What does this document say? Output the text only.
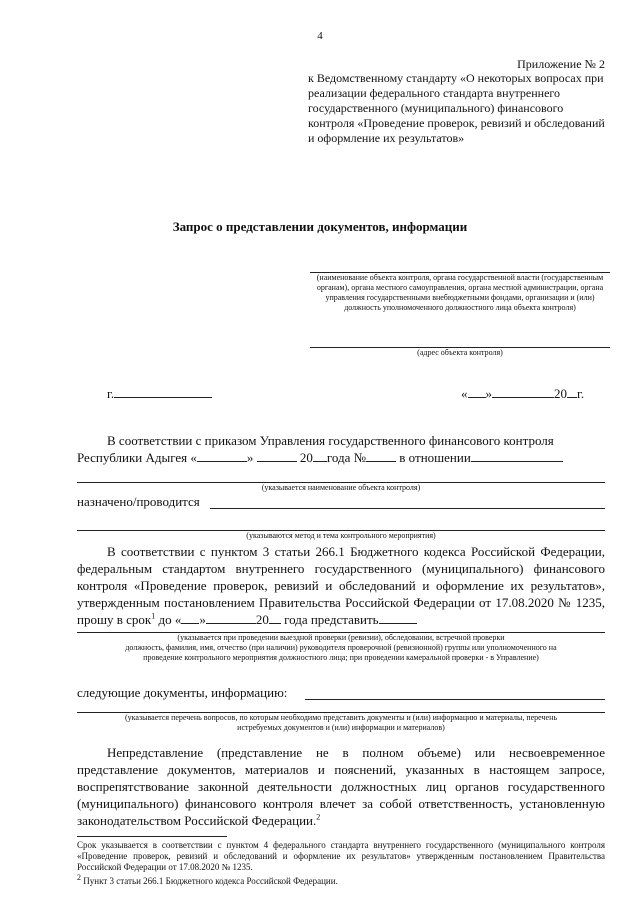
4
Приложение № 2
к Ведомственному стандарту «О некоторых вопросах при реализации федерального стандарта внутреннего государственного (муниципального) финансового контроля «Проведение проверок, ревизий и обследований и оформление их результатов»
Запрос о представлении документов, информации
(наименование объекта контроля, органа государственной власти (государственным органам), органа местного самоуправления, органа местной администрации, органа управления государственными внебюджетными фондами, организации и (или) должность уполномоченного должностного лица объекта контроля)
(адрес объекта контроля)
г.	« »	20 г.
В соответствии с приказом Управления государственного финансового контроля
Республики Адыгея «	»	20 года №	в отношении
(указывается наименование объекта контроля)
назначено/проводится
(указываются метод и тема контрольного мероприятия)
В соответствии с пунктом 3 статьи 266.1 Бюджетного кодекса Российской Федерации, федеральным стандартом внутреннего государственного (муниципального) финансового контроля «Проведение проверок, ревизий и обследований и оформление их результатов», утвержденным постановлением Правительства Российской Федерации от 17.08.2020 № 1235, прошу в срок$^1$ до « »	20 года представить
(указывается при проведении выездной проверки (ревизии), обследовании, встречной проверки
должность, фамилия, имя, отчество (при наличии) руководителя проверочной (ревизионной) группы или уполномоченного на
проведение контрольного мероприятия должностного лица; при проведении камеральной проверки - в Управление)
следующие документы, информацию:
(указывается перечень вопросов, по которым необходимо представить документы и (или) информацию и материалы, перечень
истребуемых документов и (или) информации и материалов)
Непредставление (представление не в полном объеме) или несвоевременное представление документов, материалов и пояснений, указанных в настоящем запросе, воспрепятствование законной деятельности должностных лиц органов государственного (муниципального) финансового контроля влечет за собой ответственность, установленную законодательством Российской Федерации.$^2$
Срок указывается в соответствии с пунктом 4 федерального стандарта внутреннего государственного (муниципального контроля «Проведение проверок, ревизий и обследований и оформление их результатов» утвержденным постановлением Правительства Российской Федерации от 17.08.2020 № 1235.
$^2$ Пункт 3 статьи 266.1 Бюджетного кодекса Российской Федерации.
